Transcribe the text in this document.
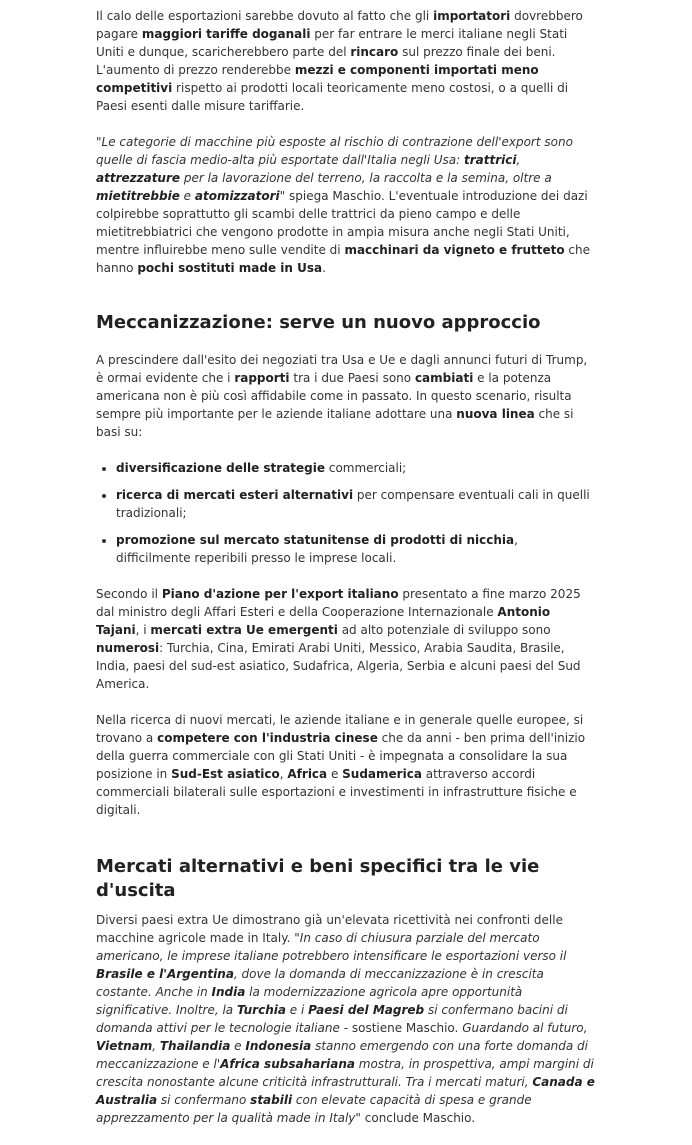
Il calo delle esportazioni sarebbe dovuto al fatto che gli importatori dovrebbero pagare maggiori tariffe doganali per far entrare le merci italiane negli Stati Uniti e dunque, scaricherebbero parte del rincaro sul prezzo finale dei beni. L'aumento di prezzo renderebbe mezzi e componenti importati meno competitivi rispetto ai prodotti locali teoricamente meno costosi, o a quelli di Paesi esenti dalle misure tariffarie.

"Le categorie di macchine più esposte al rischio di contrazione dell'export sono quelle di fascia medio-alta più esportate dall'Italia negli Usa: trattrici, attrezzature per la lavorazione del terreno, la raccolta e la semina, oltre a mietitrebbie e atomizzatori" spiega Maschio. L'eventuale introduzione dei dazi colpirebbe soprattutto gli scambi delle trattrici da pieno campo e delle mietitrebbiatrici che vengono prodotte in ampia misura anche negli Stati Uniti, mentre influirebbe meno sulle vendite di macchinari da vigneto e frutteto che hanno pochi sostituti made in Usa.

Meccanizzazione: serve un nuovo approccio

A prescindere dall'esito dei negoziati tra Usa e Ue e dagli annunci futuri di Trump, è ormai evidente che i rapporti tra i due Paesi sono cambiati e la potenza americana non è più così affidabile come in passato. In questo scenario, risulta sempre più importante per le aziende italiane adottare una nuova linea che si basi su:

• diversificazione delle strategie commerciali;
• ricerca di mercati esteri alternativi per compensare eventuali cali in quelli tradizionali;
• promozione sul mercato statunitense di prodotti di nicchia, difficilmente reperibili presso le imprese locali.

Secondo il Piano d'azione per l'export italiano presentato a fine marzo 2025 dal ministro degli Affari Esteri e della Cooperazione Internazionale Antonio Tajani, i mercati extra Ue emergenti ad alto potenziale di sviluppo sono numerosi: Turchia, Cina, Emirati Arabi Uniti, Messico, Arabia Saudita, Brasile, India, paesi del sud-est asiatico, Sudafrica, Algeria, Serbia e alcuni paesi del Sud America.

Nella ricerca di nuovi mercati, le aziende italiane e in generale quelle europee, si trovano a competere con l'industria cinese che da anni - ben prima dell'inizio della guerra commerciale con gli Stati Uniti - è impegnata a consolidare la sua posizione in Sud-Est asiatico, Africa e Sudamerica attraverso accordi commerciali bilaterali sulle esportazioni e investimenti in infrastrutture fisiche e digitali.

Mercati alternativi e beni specifici tra le vie d'uscita

Diversi paesi extra Ue dimostrano già un'elevata ricettività nei confronti delle macchine agricole made in Italy. "In caso di chiusura parziale del mercato americano, le imprese italiane potrebbero intensificare le esportazioni verso il Brasile e l'Argentina, dove la domanda di meccanizzazione è in crescita costante. Anche in India la modernizzazione agricola apre opportunità significative. Inoltre, la Turchia e i Paesi del Magreb si confermano bacini di domanda attivi per le tecnologie italiane - sostiene Maschio. Guardando al futuro, Vietnam, Thailandia e Indonesia stanno emergendo con una forte domanda di meccanizzazione e l'Africa subsahariana mostra, in prospettiva, ampi margini di crescita nonostante alcune criticità infrastrutturali. Tra i mercati maturi, Canada e Australia si confermano stabili con elevate capacità di spesa e grande apprezzamento per la qualità made in Italy" conclude Maschio.
